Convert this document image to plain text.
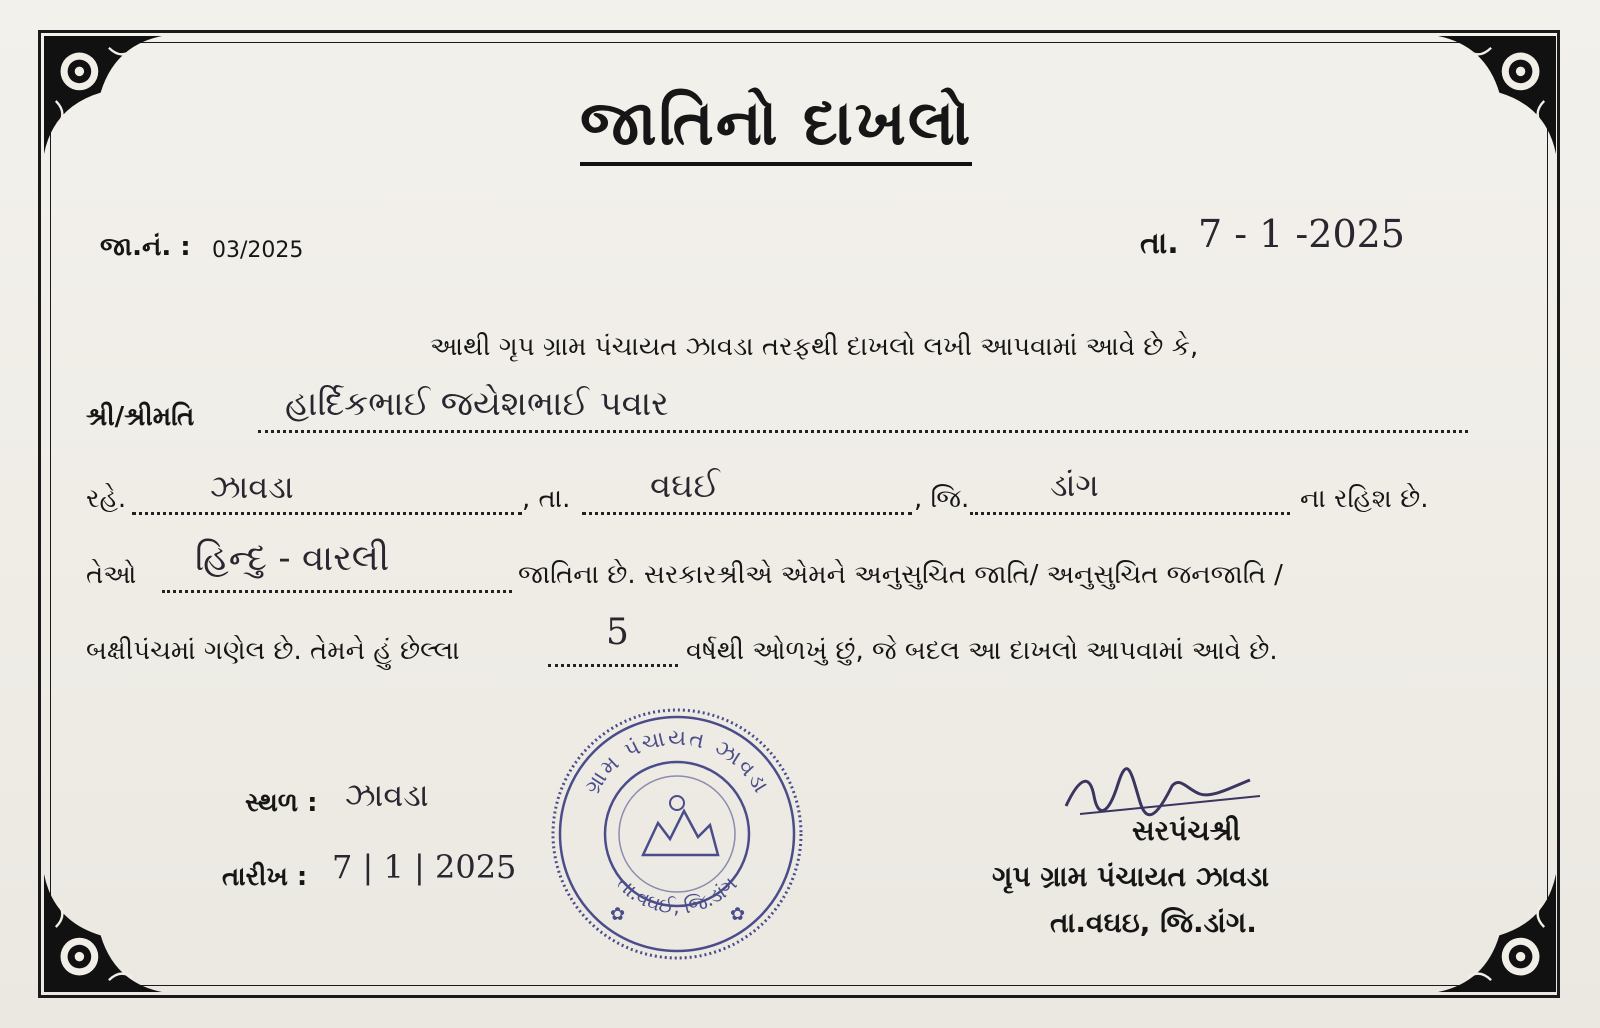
જાતિનો દાખલો
જા.નં. : 03/2025	તા. 7 - 1 -2025
આથી ગૃપ ગ્રામ પંચાયત ઝાવડા તરફથી દાખલો લખી આપવામાં આવે છે કે,
શ્રી/શ્રીમતિ	હાર્દિકભાઈ જયેશભાઈ પવાર
રહે.	ઝાવડા	, તા. વઘઈ	, જિ.	ડાંગ	ના રહિશ છે.
તેઓ હિન્દુ - વારલી	જાતિના છે. સરકારશ્રીએ એમને અનુસુચિત જાતિ/ અનુસુચિત જનજાતિ /
બક્ષીપંચમાં ગણેલ છે. તેમને હું છેલ્લા	5 વર્ષથી ઓળખું છું, જે બદલ આ દાખલો આપવામાં આવે છે.
સ્થળ : ઝાવડા
તારીખ : 7 | 1 | 2025
ગ્રામ પંચાયત ઝાવડા
તા.વઘઈ, જિ.ડાંગ
✿	✿
સરપંચશ્રી
ગૃપ ગ્રામ પંચાયત ઝાવડા
તા.વઘઇ, જિ.ડાંગ.
